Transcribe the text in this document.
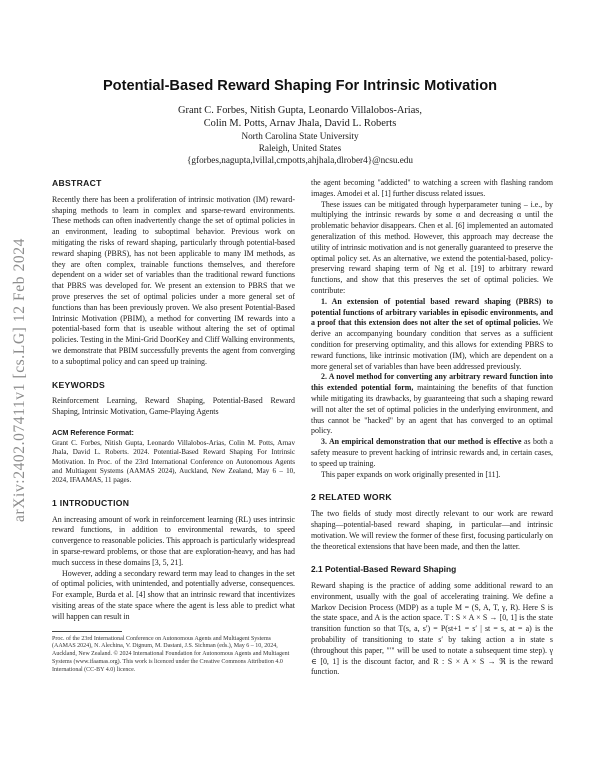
arXiv:2402.07411v1 [cs.LG] 12 Feb 2024
Potential-Based Reward Shaping For Intrinsic Motivation
Grant C. Forbes, Nitish Gupta, Leonardo Villalobos-Arias,
Colin M. Potts, Arnav Jhala, David L. Roberts
North Carolina State University
Raleigh, United States
{gforbes,nagupta,lvillal,cmpotts,ahjhala,dlrober4}@ncsu.edu

ABSTRACT

Recently there has been a proliferation of intrinsic motivation (IM) reward-shaping methods to learn in complex and sparse-reward environments. These methods can often inadvertently change the set of optimal policies in an environment, leading to suboptimal behavior. Previous work on mitigating the risks of reward shaping, particularly through potential-based reward shaping (PBRS), has not been applicable to many IM methods, as they are often complex, trainable functions themselves, and therefore dependent on a wider set of variables than the traditional reward functions that PBRS was developed for. We present an extension to PBRS that we prove preserves the set of optimal policies under a more general set of functions than has been previously proven. We also present Potential-Based Intrinsic Motivation (PBIM), a method for converting IM rewards into a potential-based form that is useable without altering the set of optimal policies. Testing in the Mini-Grid DoorKey and Cliff Walking environments, we demonstrate that PBIM successfully prevents the agent from converging to a suboptimal policy and can speed up training.

KEYWORDS

Reinforcement Learning, Reward Shaping, Potential-Based Reward Shaping, Intrinsic Motivation, Game-Playing Agents

ACM Reference Format:

Grant C. Forbes, Nitish Gupta, Leonardo Villalobos-Arias, Colin M. Potts, Arnav Jhala, David L. Roberts. 2024. Potential-Based Reward Shaping For Intrinsic Motivation. In Proc. of the 23rd International Conference on Autonomous Agents and Multiagent Systems (AAMAS 2024), Auckland, New Zealand, May 6 – 10, 2024, IFAAMAS, 11 pages.

1 INTRODUCTION

An increasing amount of work in reinforcement learning (RL) uses intrinsic reward functions, in addition to environmental rewards, to speed convergence to reasonable policies. This approach is particularly widespread in sparse-reward problems, or those that are exploration-heavy, and has had much success in these domains [3, 5, 21].

However, adding a secondary reward term may lead to changes in the set of optimal policies, with unintended, and potentially adverse, consequences. For example, Burda et al. [4] show that an intrinsic reward that incentivizes visiting areas of the state space where the agent is less able to predict what will happen can result in

Proc. of the 23rd International Conference on Autonomous Agents and Multiagent Systems (AAMAS 2024), N. Alechina, V. Dignum, M. Dastani, J.S. Sichman (eds.), May 6 – 10, 2024, Auckland, New Zealand. © 2024 International Foundation for Autonomous Agents and Multiagent Systems (www.ifaamas.org). This work is licenced under the Creative Commons Attribution 4.0 International (CC-BY 4.0) licence.

the agent becoming "addicted" to watching a screen with flashing random images. Amodei et al. [1] further discuss related issues.

These issues can be mitigated through hyperparameter tuning – i.e., by multiplying the intrinsic rewards by some α and decreasing α until the problematic behavior disappears. Chen et al. [6] implemented an automated generalization of this method. However, this approach may decrease the utility of intrinsic motivation and is not generally guaranteed to preserve the optimal policy set. As an alternative, we extend the potential-based, policy-preserving reward shaping term of Ng et al. [19] to arbitrary reward functions, and show that this preserves the set of optimal policies. We contribute:

1. An extension of potential based reward shaping (PBRS) to potential functions of arbitrary variables in episodic environments, and a proof that this extension does not alter the set of optimal policies. We derive an accompanying boundary condition that serves as a sufficient condition for preserving optimality, and this allows for extending PBRS to reward functions, like intrinsic motivation (IM), which are dependent on a more general set of variables than have been addressed previously.

2. A novel method for converting any arbitrary reward function into this extended potential form, maintaining the benefits of that function while mitigating its drawbacks, by guaranteeing that such a shaping reward will not alter the set of optimal policies in the underlying environment, and thus cannot be "hacked" by an agent that has converged to an optimal policy.

3. An empirical demonstration that our method is effective as both a safety measure to prevent hacking of intrinsic rewards and, in certain cases, to speed up training.

This paper expands on work originally presented in [11].

2 RELATED WORK

The two fields of study most directly relevant to our work are reward shaping—potential-based reward shaping, in particular—and intrinsic motivation. We will review the former of these first, focusing particularly on the theoretical extensions that have been made, and then the latter.

2.1 Potential-Based Reward Shaping

Reward shaping is the practice of adding some additional reward to an environment, usually with the goal of accelerating training. We define a Markov Decision Process (MDP) as a tuple M = (S, A, T, γ, R). Here S is the state space, and A is the action space. T : S × A × S → [0, 1] is the state transition function so that T(s, a, s′) = P(st+1 = s′ | st = s, at = a) is the probability of transitioning to state s′ by taking action a in state s (throughout this paper, "′" will be used to notate a subsequent time step). γ ∈ [0, 1] is the discount factor, and R : S × A × S → ℜ is the reward function.
